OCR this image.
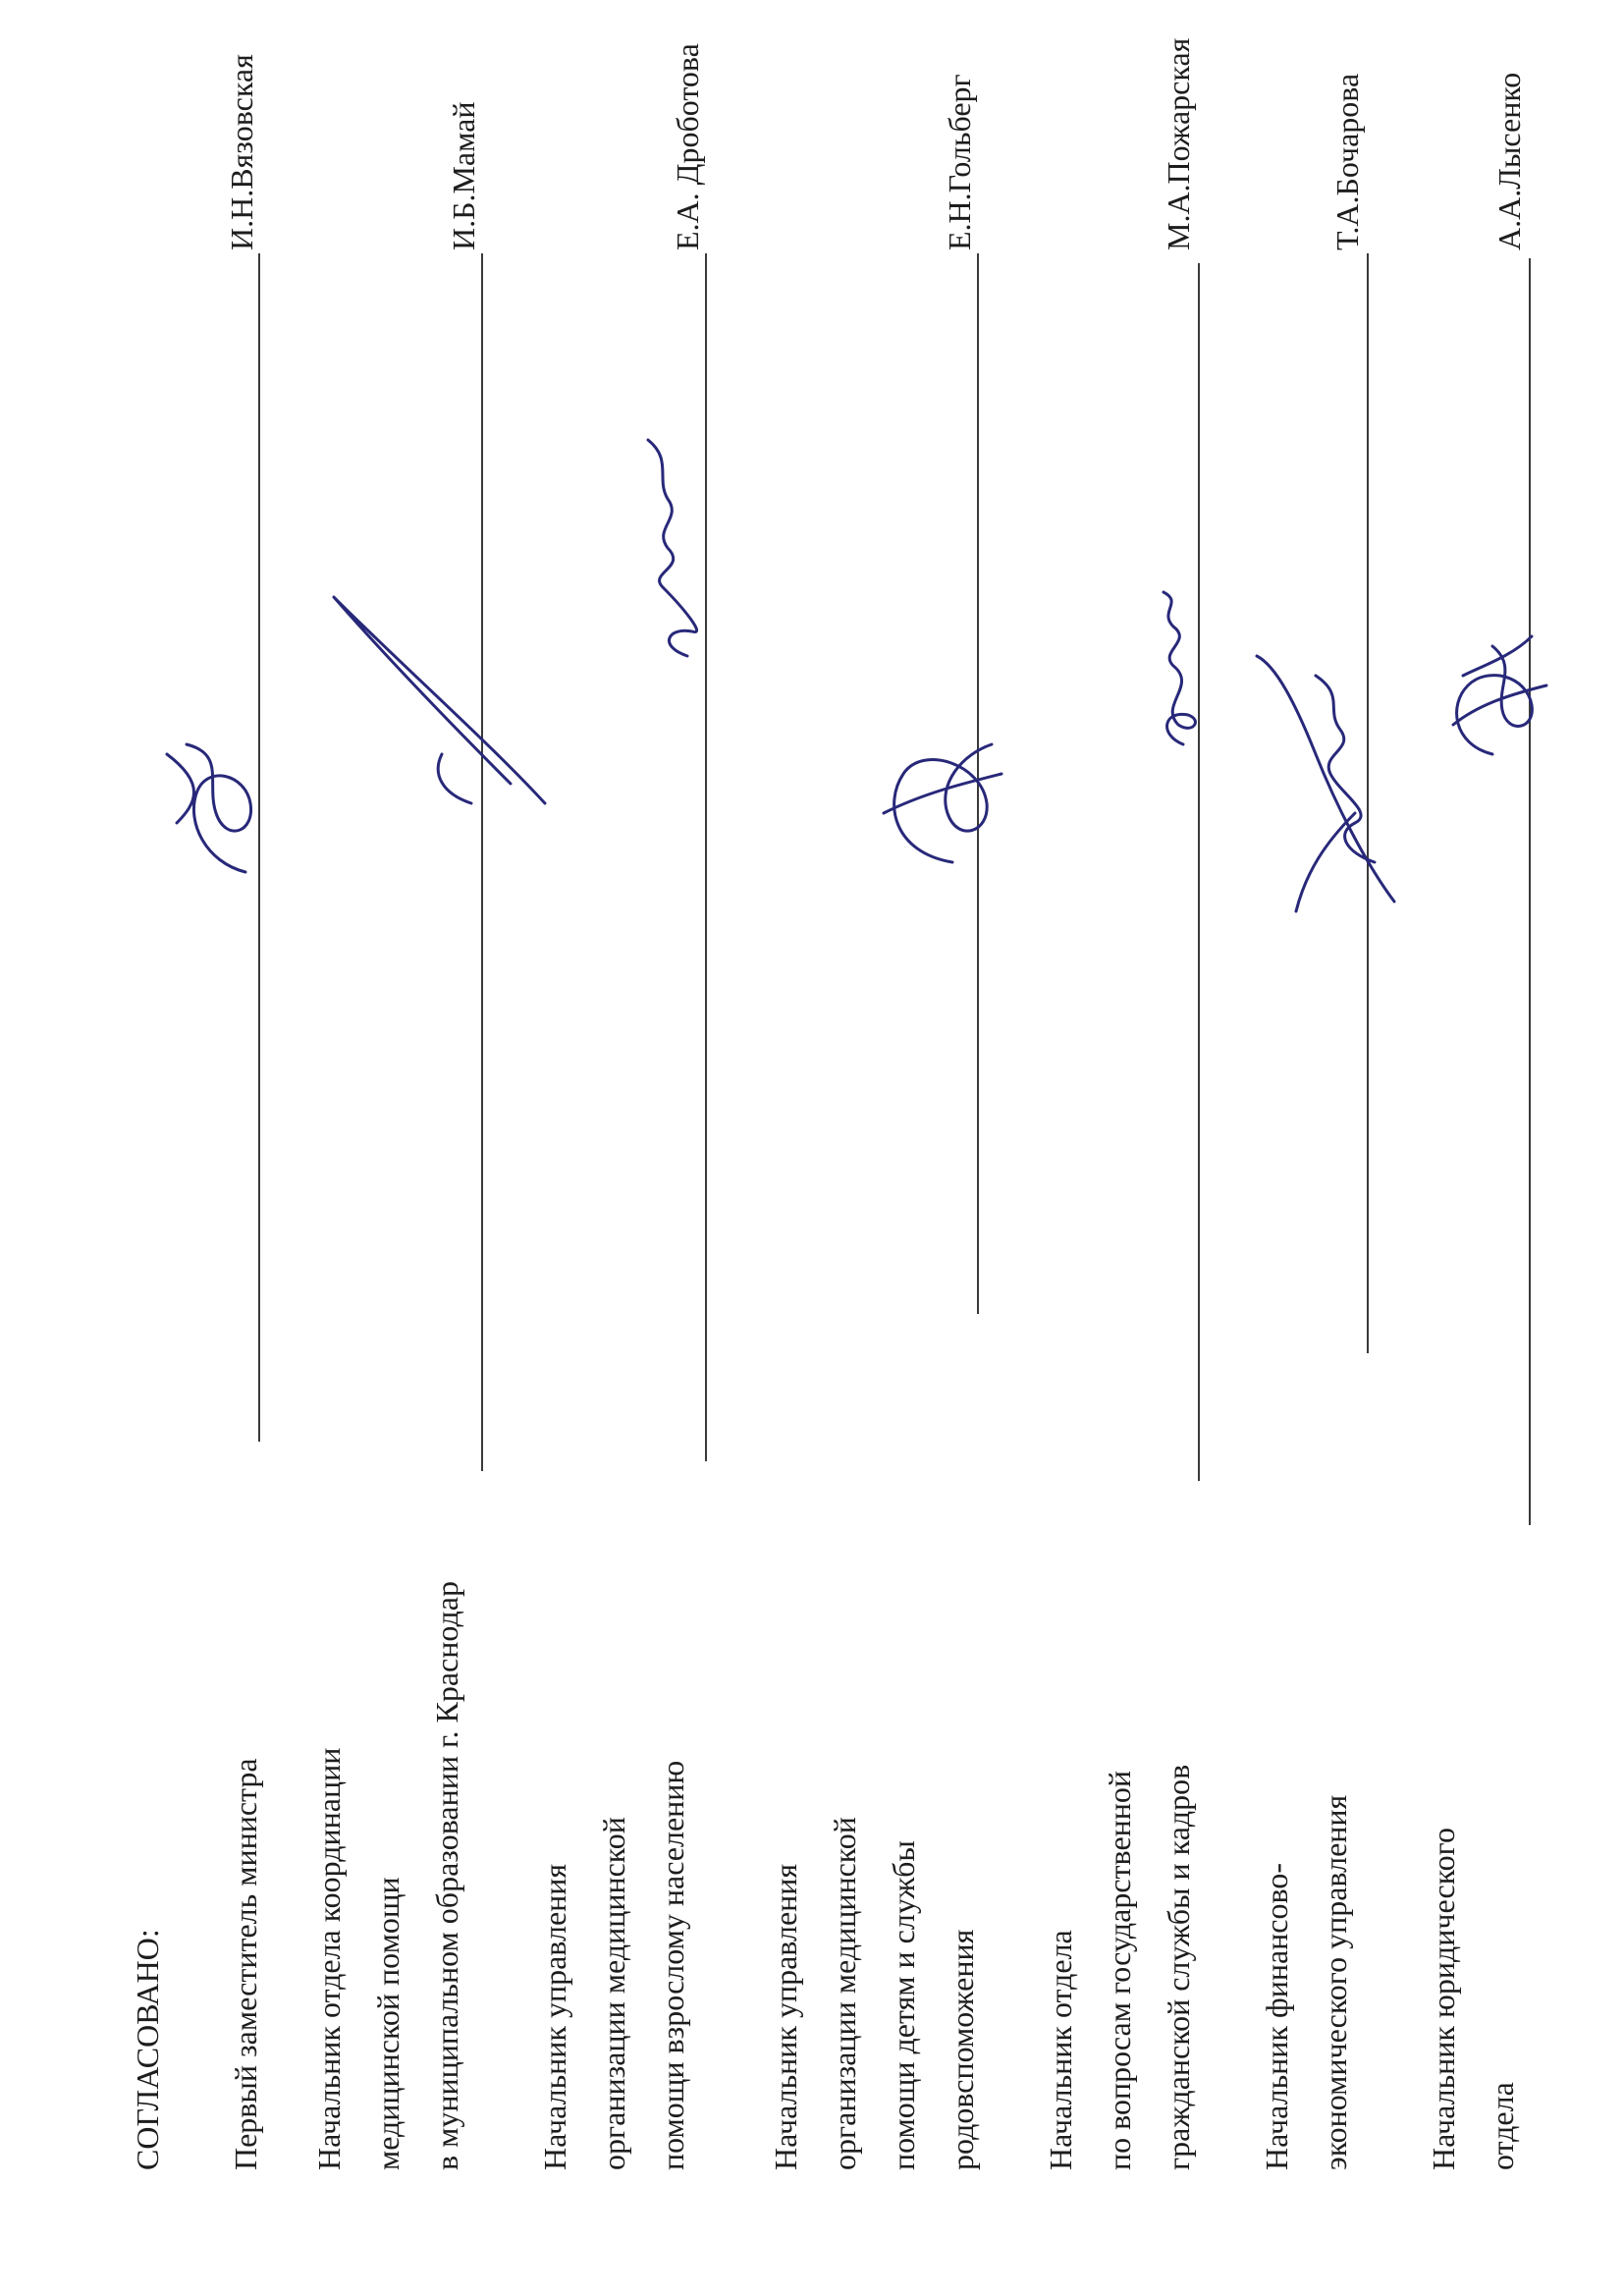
СОГЛАСОВАНО:	Первый заместитель министра
И.Н.Вязовская
Начальник отдела координации медицинской помощи в муниципальном образовании г. Краснодар
И.Б.Мамай
Начальник управления организации медицинской помощи взрослому населению
Е.А. Дроботова
Начальник управления организации медицинской помощи детям и службы родовспоможения
Е.Н.Гольберг
Начальник отдела по вопросам государственной гражданской службы и кадров
М.А.Пожарская
Начальник финансово- экономического управления
Т.А.Бочарова
Начальник юридического отдела
А.А.Лысенко
